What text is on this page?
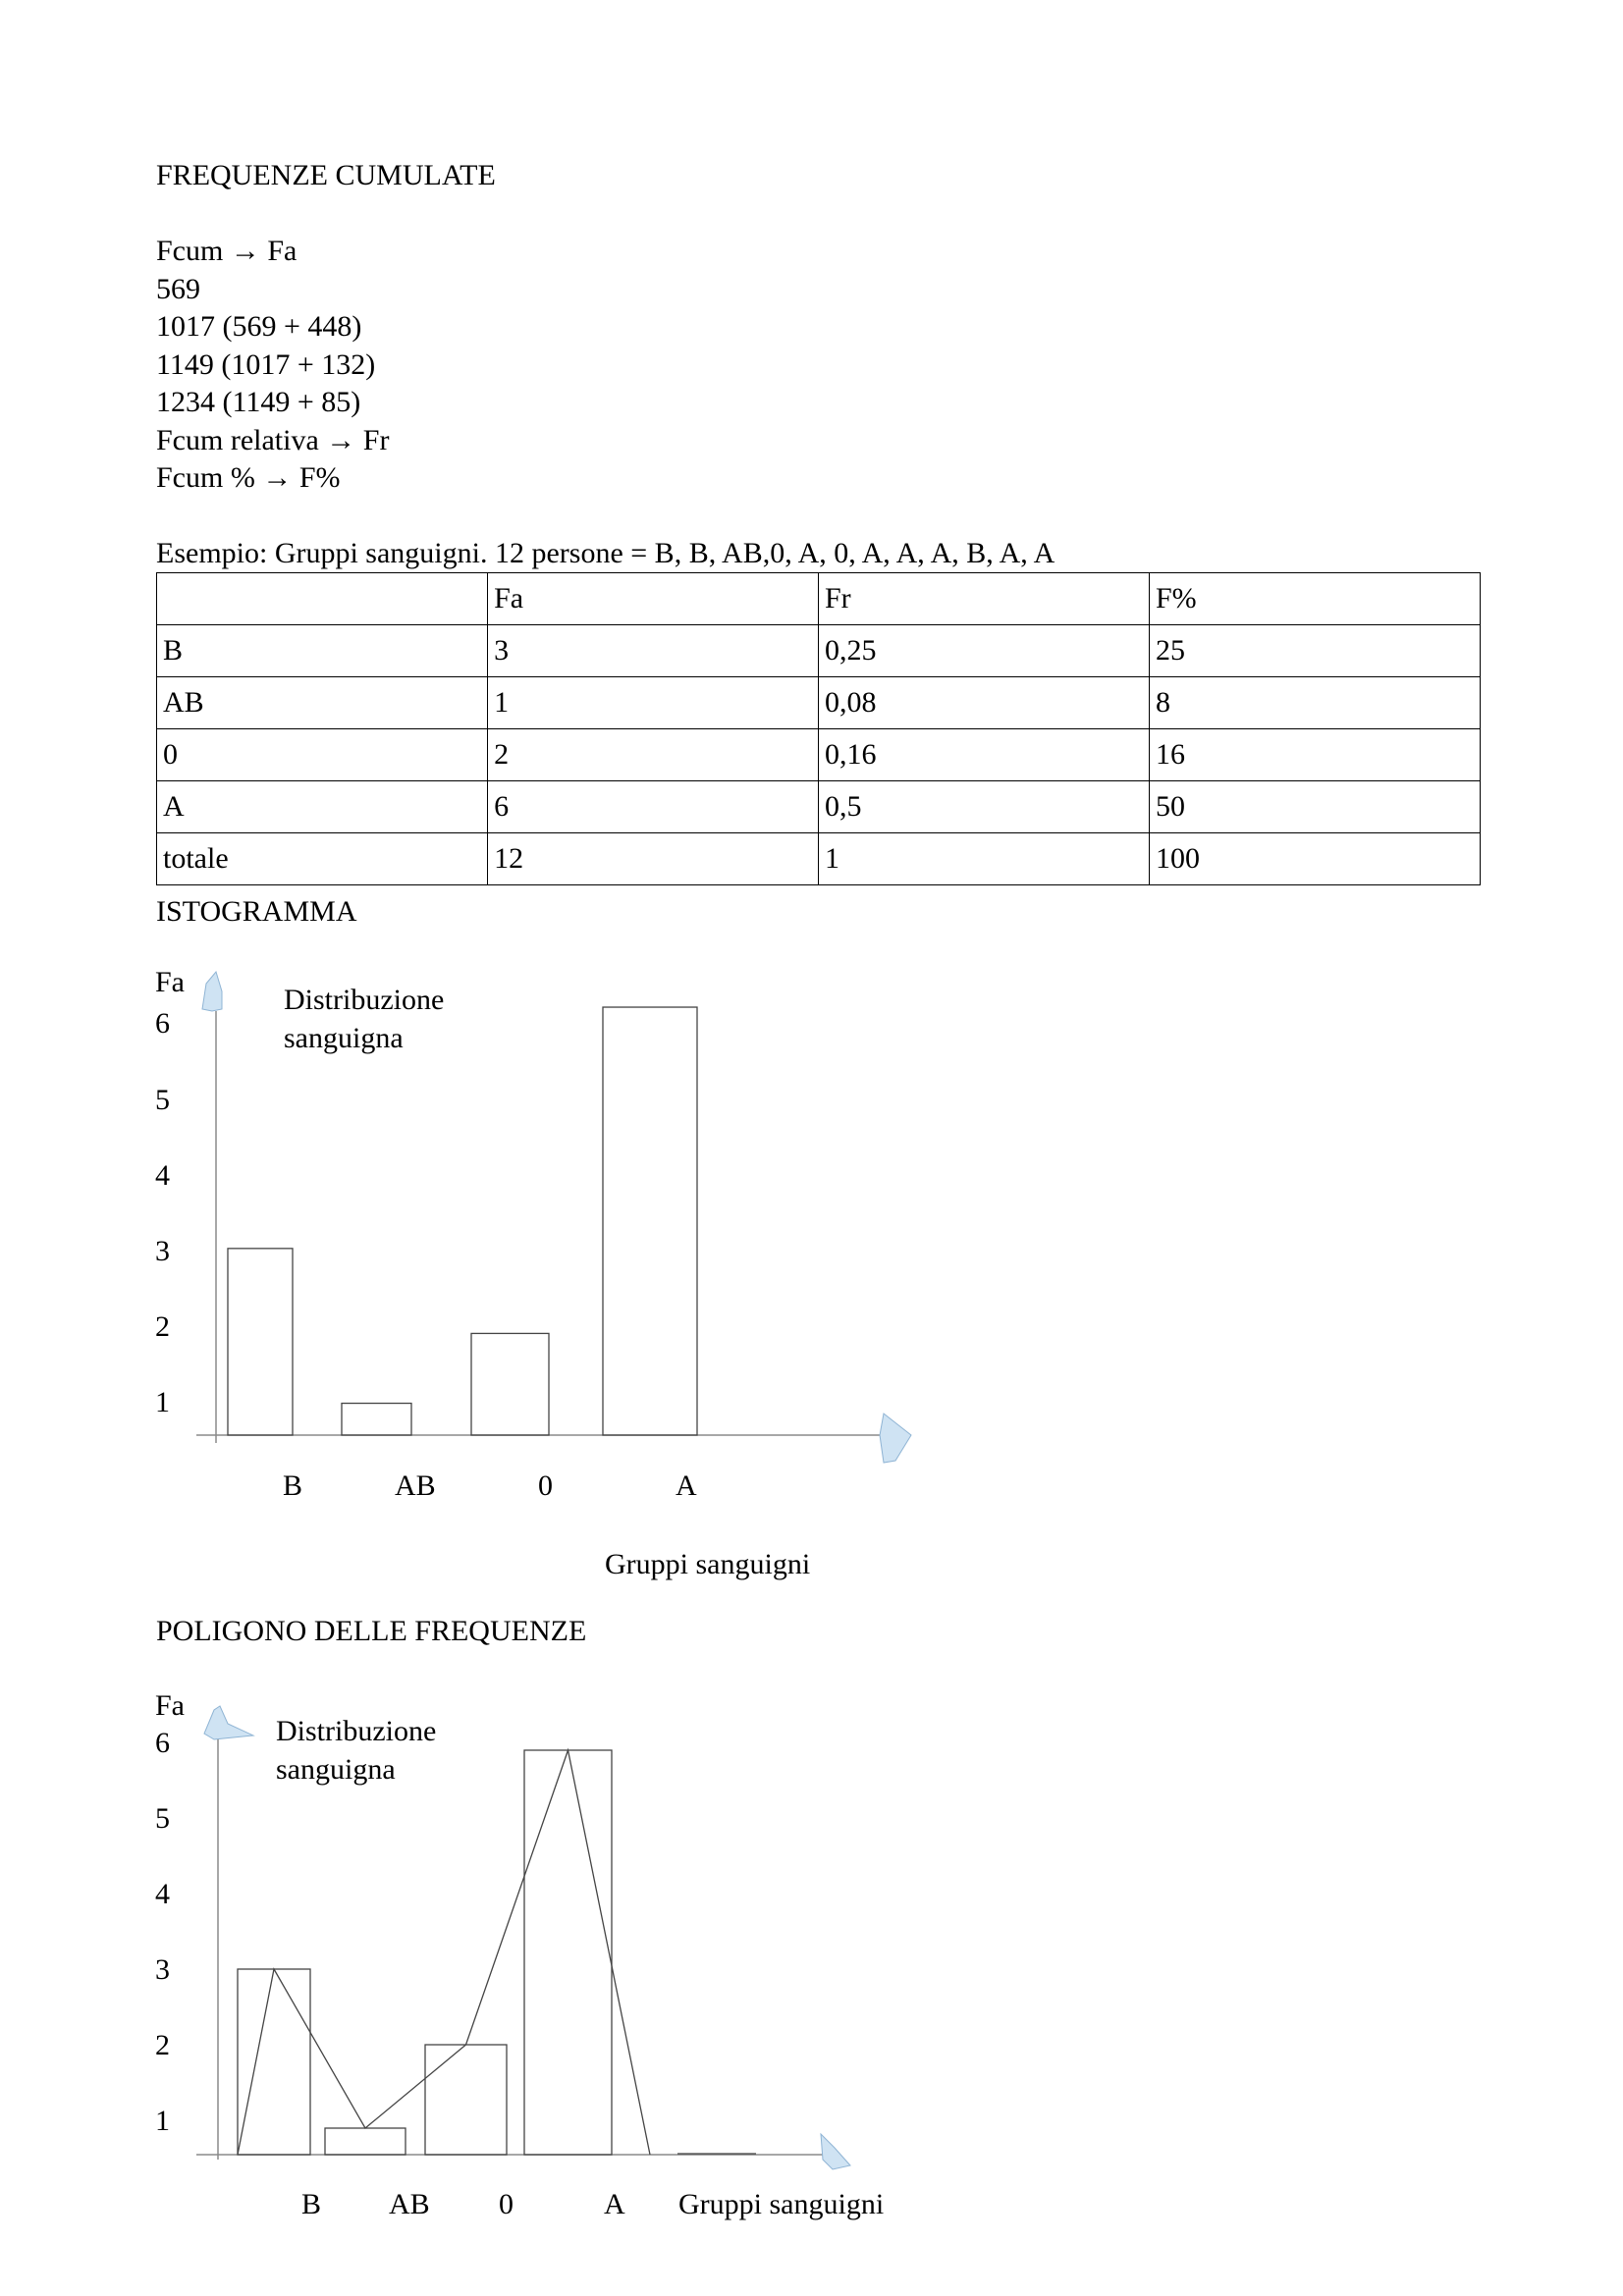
FREQUENZE CUMULATE
Fcum → Fa
569
1017 (569 + 448)
1149 (1017 + 132)
1234 (1149 + 85)
Fcum relativa → Fr
Fcum % → F%
Esempio: Gruppi sanguigni. 12 persone = B, B, AB,0, A, 0, A, A, A, B, A, A
	Fa	Fr	F%
B	3	0,25	25
AB	1	0,08	8
0	2	0,16	16
A	6	0,5	50
totale	12	1	100
ISTOGRAMMA
Fa
Distribuzione
sanguigna
Gruppi sanguigni
1
2
3
4
5
6
B	AB	0	A
POLIGONO DELLE FREQUENZE
Fa
Distribuzione
sanguigna
Gruppi sanguigni
1
2
3
4
5
6
B AB 0	A
